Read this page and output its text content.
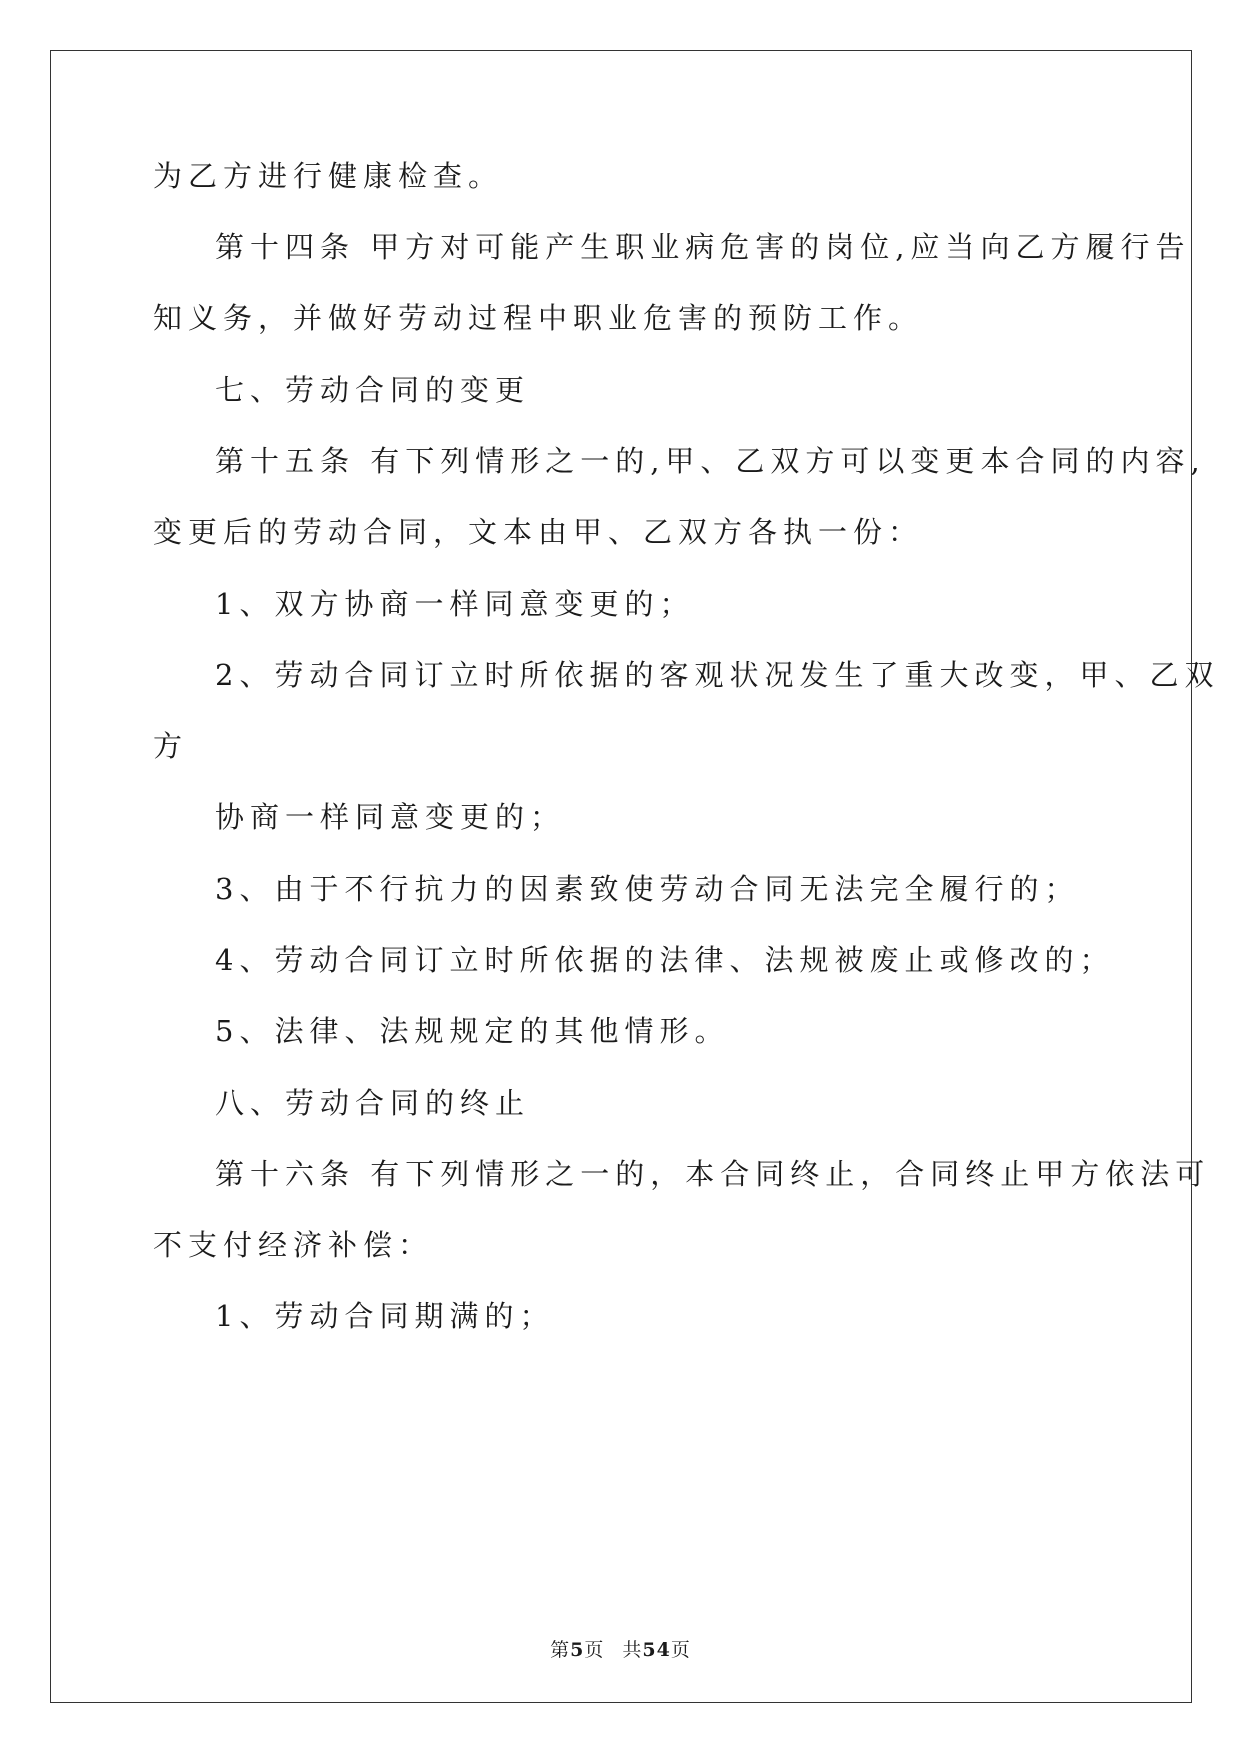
为乙方进行健康检查。
第十四条 甲方对可能产生职业病危害的岗位,应当向乙方履行告
知义务，并做好劳动过程中职业危害的预防工作。
七、劳动合同的变更
第十五条 有下列情形之一的,甲、乙双方可以变更本合同的内容,
变更后的劳动合同，文本由甲、乙双方各执一份：
1、双方协商一样同意变更的；
2、劳动合同订立时所依据的客观状况发生了重大改变，甲、乙双
方
协商一样同意变更的；
3、由于不行抗力的因素致使劳动合同无法完全履行的；
4、劳动合同订立时所依据的法律、法规被废止或修改的；
5、法律、法规规定的其他情形。
八、劳动合同的终止
第十六条 有下列情形之一的，本合同终止，合同终止甲方依法可
不支付经济补偿：
1、劳动合同期满的；
第5页 共54页
